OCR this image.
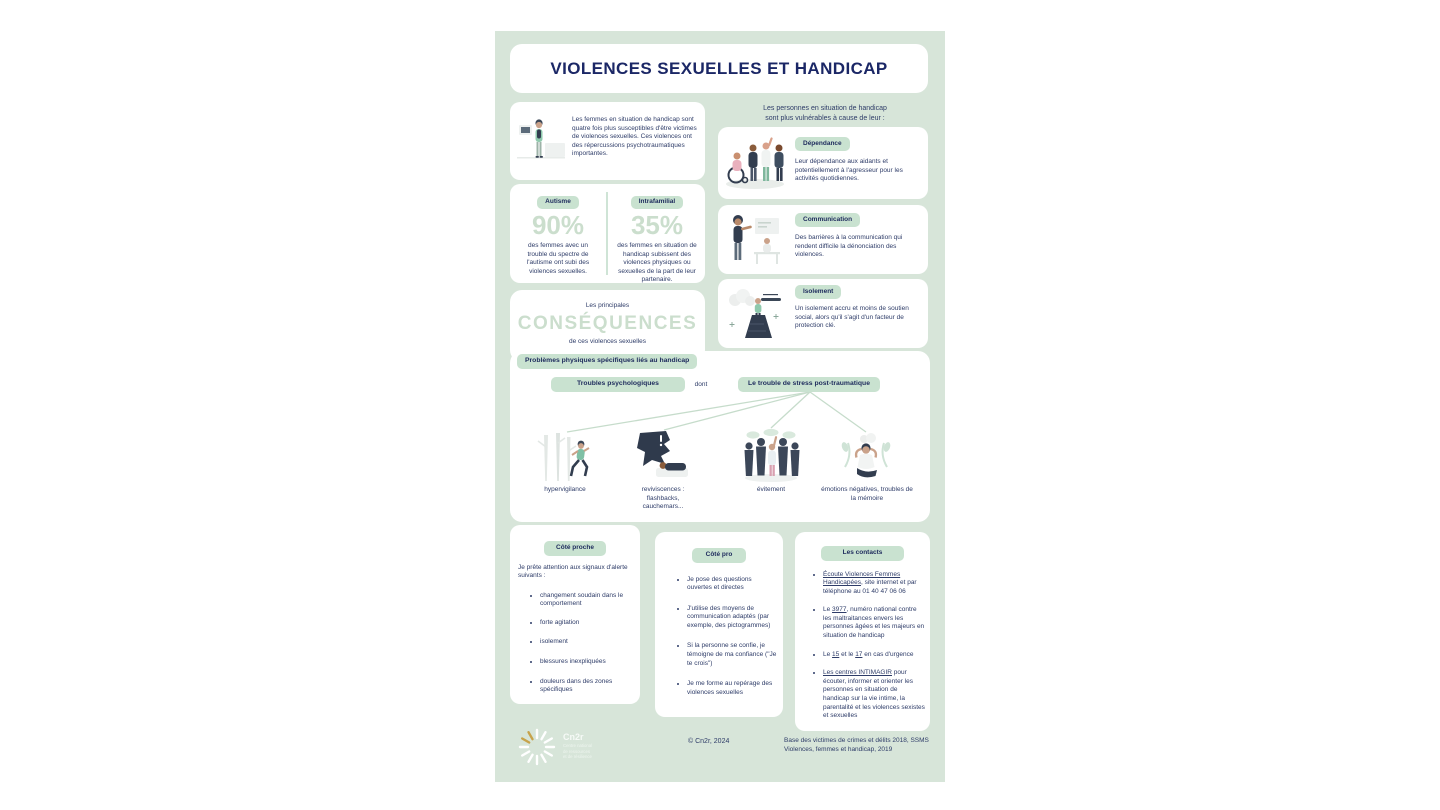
VIOLENCES SEXUELLES ET HANDICAP
Les femmes en situation de handicap sont quatre fois plus susceptibles d'être victimes de violences sexuelles. Ces violences ont des répercussions psychotraumatiques importantes.
Autisme
90%
des femmes avec un trouble du spectre de l'autisme ont subi des violences sexuelles.
Intrafamilial
35%
des femmes en situation de handicap subissent des violences physiques ou sexuelles de la part de leur partenaire.
Les personnes en situation de handicap
sont plus vulnérables à cause de leur :
Dépendance
Leur dépendance aux aidants et potentiellement à l'agresseur pour les activités quotidiennes.
Communication
Des barrières à la communication qui rendent difficile la dénonciation des violences.
Isolement
Un isolement accru et moins de soutien social, alors qu'il s'agit d'un facteur de protection clé.
Les principales
CONSÉQUENCES
de ces violences sexuelles
Problèmes physiques spécifiques liés au handicap
Troubles psychologiques	dont	Le trouble de stress post-traumatique
hypervigilance	reviviscences : flashbacks, cauchemars...
évitement	émotions négatives, troubles de la mémoire
Côté proche
Je prête attention aux signaux d'alerte suivants :
• changement soudain dans le comportement
• forte agitation
• isolement
• blessures inexpliquées
• douleurs dans des zones spécifiques
Côté pro
• Je pose des questions ouvertes et directes
• J'utilise des moyens de communication adaptés (par exemple, des pictogrammes)
• Si la personne se confie, je témoigne de ma confiance ("Je te crois")
• Je me forme au repérage des violences sexuelles
Les contacts
• Écoute Violences Femmes Handicapées, site internet et par téléphone au 01 40 47 06 06
• Le 3977, numéro national contre les maltraitances envers les personnes âgées et les majeurs en situation de handicap
• Le 15 et le 17 en cas d'urgence
• Les centres INTIMAGIR pour écouter, informer et orienter les personnes en situation de handicap sur la vie intime, la parentalité et les violences sexistes et sexuelles
Cn2r
Centre national
de ressources
et de résilience
© Cn2r, 2024	Base des victimes de crimes et délits 2018, SSMS
Violences, femmes et handicap, 2019
